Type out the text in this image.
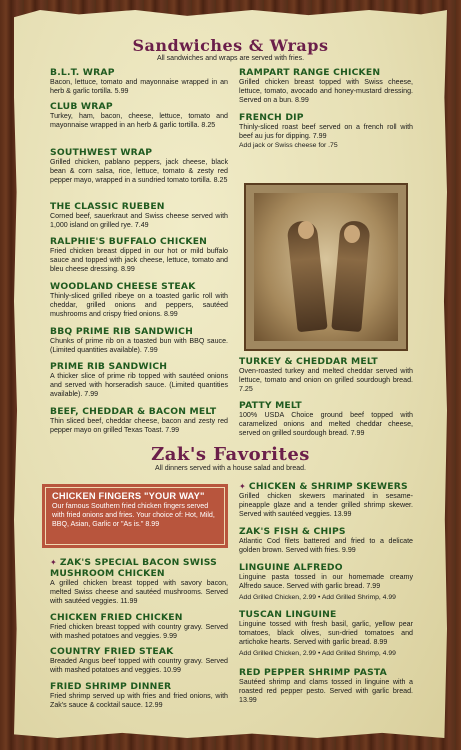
Sandwiches & Wraps
All sandwiches and wraps are served with fries.
B.L.T. WRAP
Bacon, lettuce, tomato and mayonnaise wrapped in an herb & garlic tortilla. 5.99
CLUB WRAP
Turkey, ham, bacon, cheese, lettuce, tomato and mayonnaise wrapped in an herb & garlic tortilla. 8.25
SOUTHWEST WRAP
Grilled chicken, pablano peppers, jack cheese, black bean & corn salsa, rice, lettuce, tomato & zesty red pepper mayo, wrapped in a sundried tomato tortilla. 8.25
THE CLASSIC RUEBEN
Corned beef, sauerkraut and Swiss cheese served with 1,000 island on grilled rye. 7.49
RALPHIE'S BUFFALO CHICKEN
Fried chicken breast dipped in our hot or mild buffalo sauce and topped with jack cheese, lettuce, tomato and bleu cheese dressing. 8.99
WOODLAND CHEESE STEAK
Thinly-sliced grilled ribeye on a toasted garlic roll with cheddar, grilled onions and peppers, sautéed mushrooms and crispy fried onions. 8.99
BBQ PRIME RIB SANDWICH
Chunks of prime rib on a toasted bun with BBQ sauce. (Limited quantities available). 7.99
PRIME RIB SANDWICH
A thicker slice of prime rib topped with sautéed onions and served with horseradish sauce. (Limited quantities available). 7.99
BEEF, CHEDDAR & BACON MELT
Thin sliced beef, cheddar cheese, bacon and zesty red pepper mayo on grilled Texas Toast. 7.99
RAMPART RANGE CHICKEN
Grilled chicken breast topped with Swiss cheese, lettuce, tomato, avocado and honey-mustard dressing. Served on a bun. 8.99
FRENCH DIP
Thinly-sliced roast beef served on a french roll with beef au jus for dipping. 7.99
Add jack or Swiss cheese for .75
TURKEY & CHEDDAR MELT
Oven-roasted turkey and melted cheddar served with lettuce, tomato and onion on grilled sourdough bread. 7.25
PATTY MELT
100% USDA Choice ground beef topped with caramelized onions and melted cheddar cheese, served on grilled sourdough bread. 7.99
Zak's Favorites
All dinners served with a house salad and bread.
CHICKEN FINGERS "YOUR WAY"
Our famous Southern fried chicken fingers served with fried onions and fries. Your choice of: Hot, Mild, BBQ, Asian, Garlic or "As is." 8.99
✦ ZAK'S SPECIAL BACON SWISS
MUSHROOM CHICKEN
A grilled chicken breast topped with savory bacon, melted Swiss cheese and sautéed mushrooms. Served with sautéed veggies. 11.99
CHICKEN FRIED CHICKEN
Fried chicken breast topped with country gravy. Served with mashed potatoes and veggies. 9.99
COUNTRY FRIED STEAK
Breaded Angus beef topped with country gravy. Served with mashed potatoes and veggies. 10.99
FRIED SHRIMP DINNER
Fried shrimp served up with fries and fried onions, with Zak's sauce & cocktail sauce. 12.99
✦ CHICKEN & SHRIMP SKEWERS
Grilled chicken skewers marinated in sesame-pineapple glaze and a tender grilled shrimp skewer. Served with sautéed veggies. 13.99
ZAK'S FISH & CHIPS
Atlantic Cod filets battered and fried to a delicate golden brown. Served with fries. 9.99
LINGUINE ALFREDO
Linguine pasta tossed in our homemade creamy Alfredo sauce. Served with garlic bread. 7.99
Add Grilled Chicken, 2.99 • Add Grilled Shrimp, 4.99
TUSCAN LINGUINE
Linguine tossed with fresh basil, garlic, yellow pear tomatoes, black olives, sun-dried tomatoes and artichoke hearts. Served with garlic bread. 8.99
Add Grilled Chicken, 2.99 • Add Grilled Shrimp, 4.99
RED PEPPER SHRIMP PASTA
Sautéed shrimp and clams tossed in linguine with a roasted red pepper pesto. Served with garlic bread. 13.99
